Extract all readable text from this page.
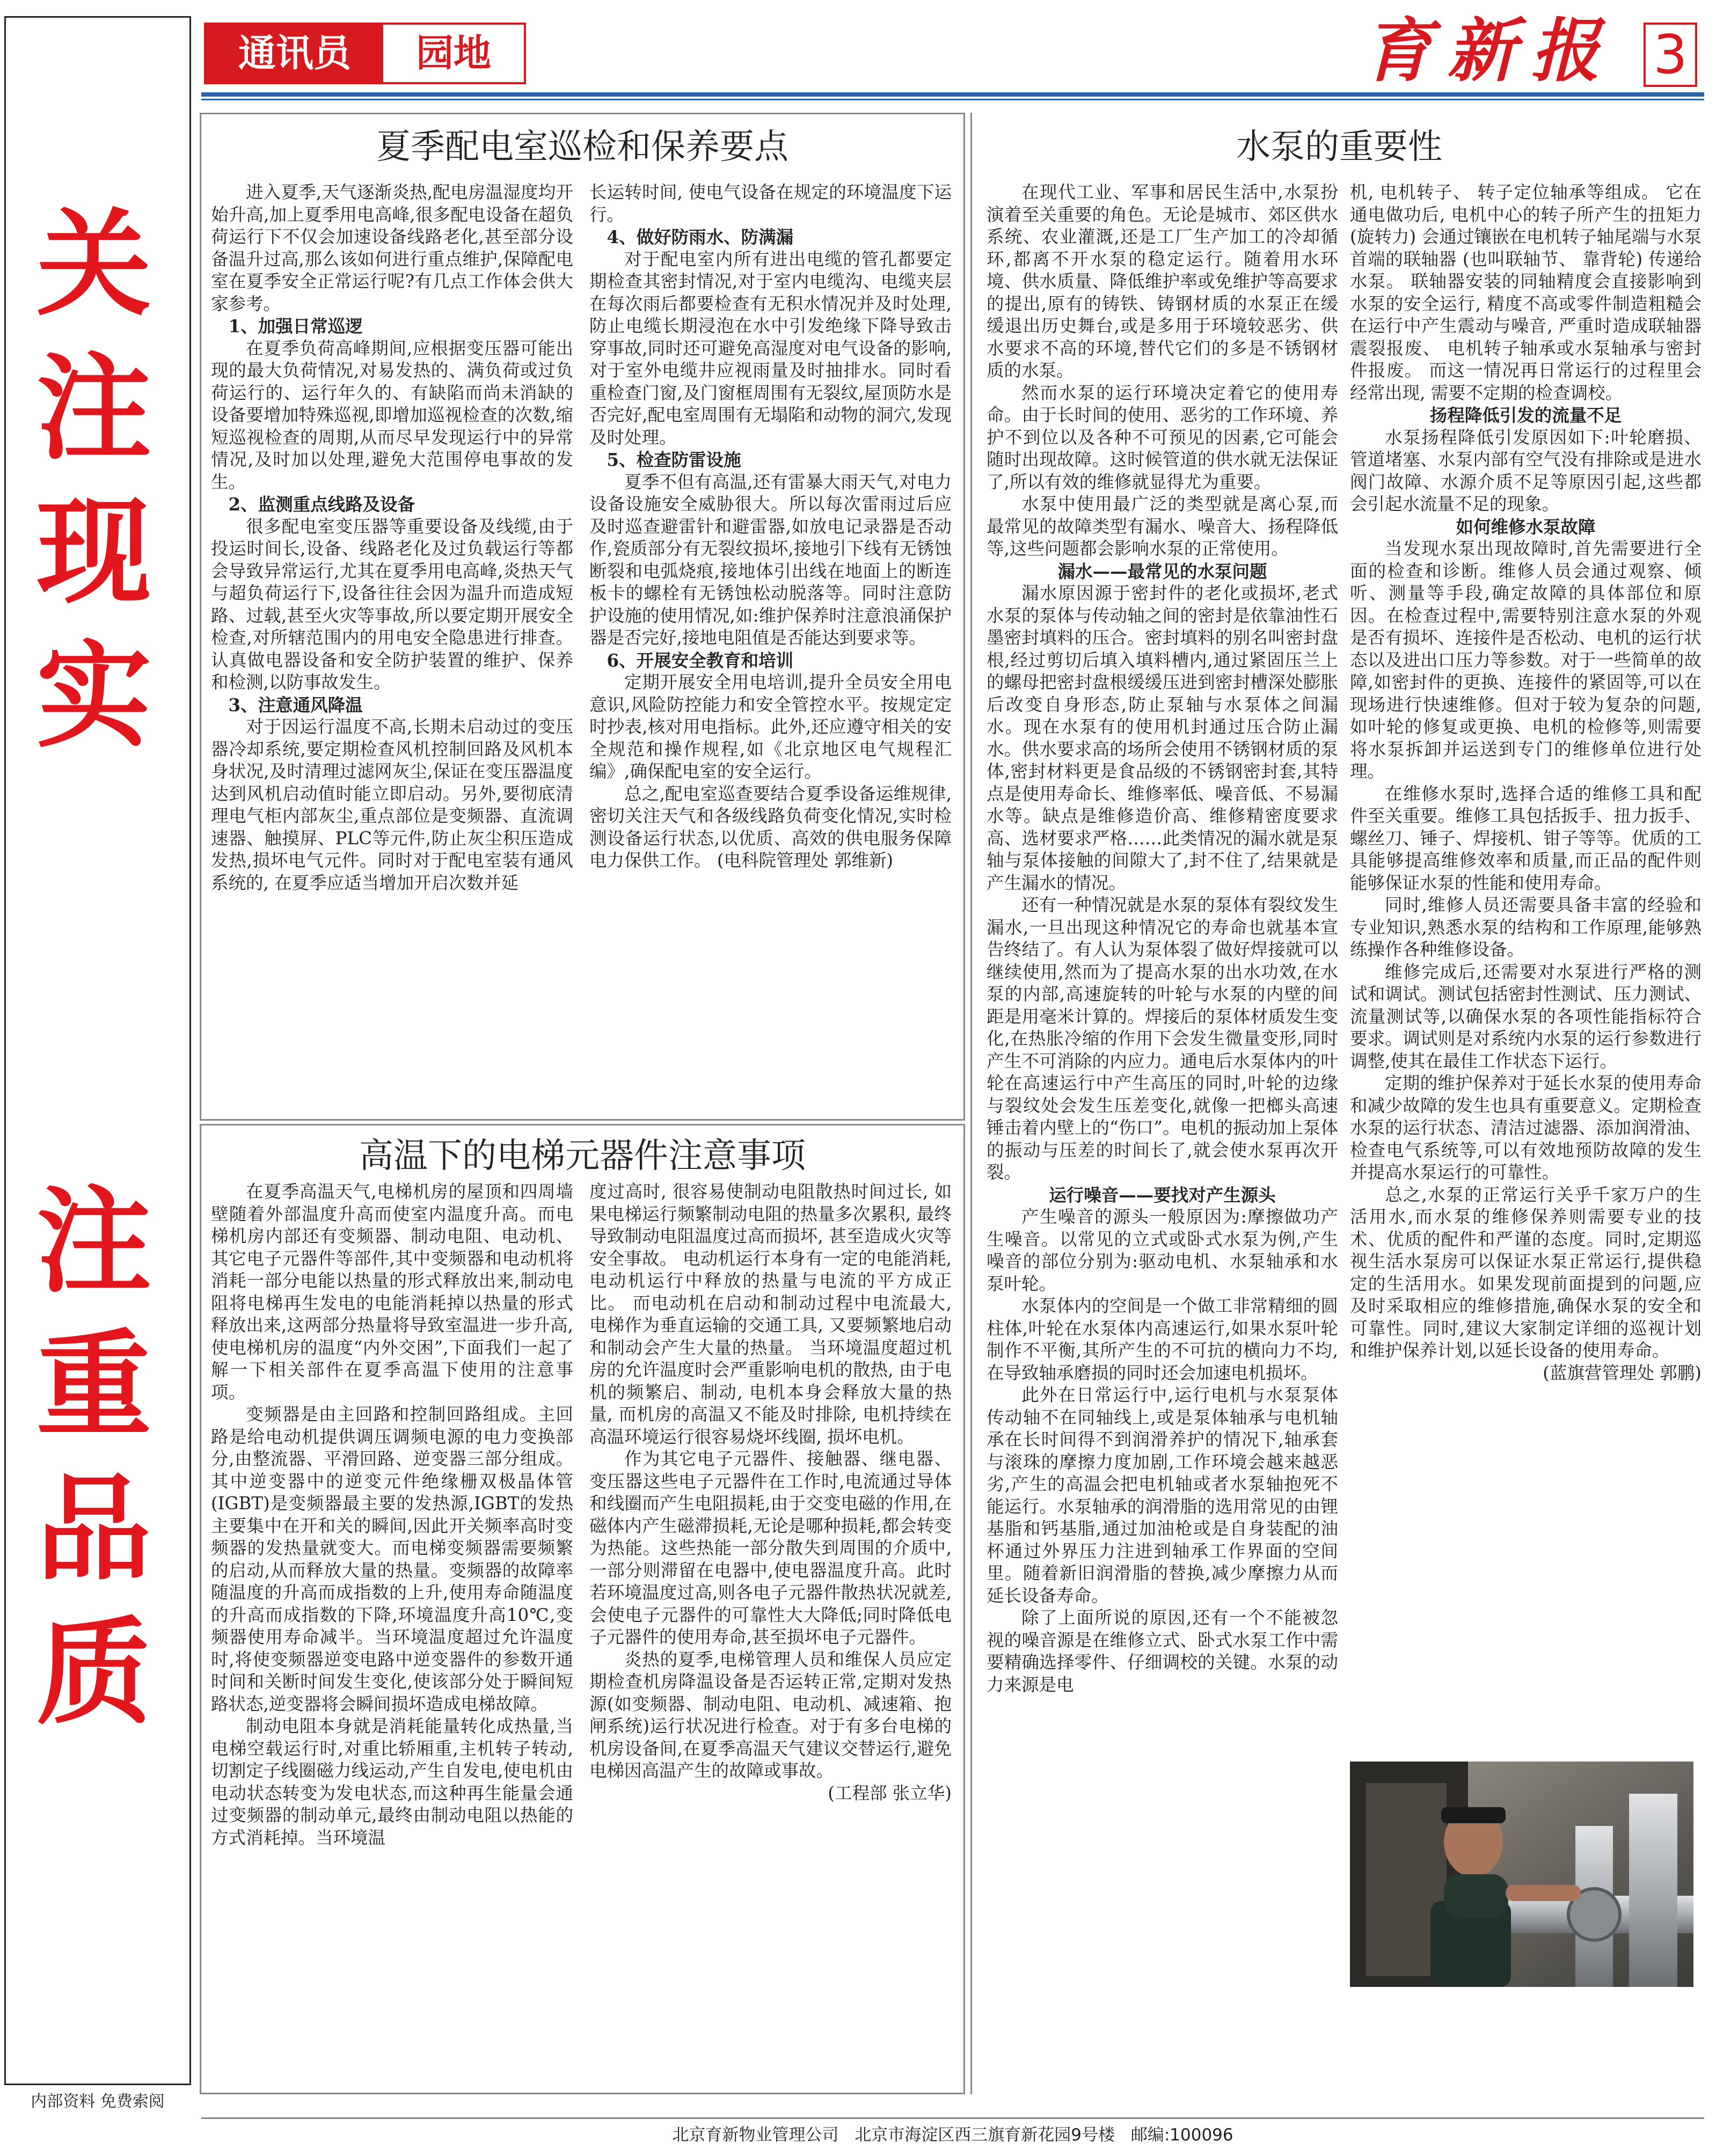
关注现实
注重品质
内部资料 免费索阅
通讯员	园地	育新报 3
夏季配电室巡检和保养要点

进入夏季,天气逐渐炎热,配电房温湿度均开始升高,加上夏季用电高峰,很多配电设备在超负荷运行下不仅会加速设备线路老化,甚至部分设备温升过高,那么该如何进行重点维护,保障配电室在夏季安全正常运行呢?有几点工作体会供大家参考。

1、加强日常巡逻

在夏季负荷高峰期间,应根据变压器可能出现的最大负荷情况,对易发热的、满负荷或过负荷运行的、运行年久的、有缺陷而尚未消缺的设备要增加特殊巡视,即增加巡视检查的次数,缩短巡视检查的周期,从而尽早发现运行中的异常情况,及时加以处理,避免大范围停电事故的发生。

2、监测重点线路及设备

很多配电室变压器等重要设备及线缆,由于投运时间长,设备、线路老化及过负载运行等都会导致异常运行,尤其在夏季用电高峰,炎热天气与超负荷运行下,设备往往会因为温升而造成短路、过载,甚至火灾等事故,所以要定期开展安全检查,对所辖范围内的用电安全隐患进行排查。认真做电器设备和安全防护装置的维护、保养和检测,以防事故发生。

3、注意通风降温

对于因运行温度不高,长期未启动过的变压器冷却系统,要定期检查风机控制回路及风机本身状况,及时清理过滤网灰尘,保证在变压器温度达到风机启动值时能立即启动。另外,要彻底清理电气柜内部灰尘,重点部位是变频器、直流调速器、触摸屏、PLC等元件,防止灰尘积压造成发热,损坏电气元件。同时对于配电室装有通风系统的, 在夏季应适当增加开启次数并延

长运转时间, 使电气设备在规定的环境温度下运行。

4、做好防雨水、防满漏

对于配电室内所有进出电缆的管孔都要定期检查其密封情况,对于室内电缆沟、电缆夹层在每次雨后都要检查有无积水情况并及时处理,防止电缆长期浸泡在水中引发绝缘下降导致击穿事故,同时还可避免高湿度对电气设备的影响,对于室外电缆井应视雨量及时抽排水。同时看重检查门窗,及门窗框周围有无裂纹,屋顶防水是否完好,配电室周围有无塌陷和动物的洞穴,发现及时处理。

5、检查防雷设施

夏季不但有高温,还有雷暴大雨天气,对电力设备设施安全威胁很大。所以每次雷雨过后应及时巡查避雷针和避雷器,如放电记录器是否动作,瓷质部分有无裂纹损坏,接地引下线有无锈蚀断裂和电弧烧痕,接地体引出线在地面上的断连板卡的螺栓有无锈蚀松动脱落等。同时注意防护设施的使用情况,如:维护保养时注意浪涌保护器是否完好,接地电阻值是否能达到要求等。

6、开展安全教育和培训

定期开展安全用电培训,提升全员安全用电意识,风险防控能力和安全管控水平。按规定定时抄表,核对用电指标。此外,还应遵守相关的安全规范和操作规程,如《北京地区电气规程汇编》,确保配电室的安全运行。

总之,配电室巡查要结合夏季设备运维规律,密切关注天气和各级线路负荷变化情况,实时检测设备运行状态,以优质、高效的供电服务保障电力保供工作。 (电科院管理处 郭维新)

高温下的电梯元器件注意事项

在夏季高温天气,电梯机房的屋顶和四周墙壁随着外部温度升高而使室内温度升高。而电梯机房内部还有变频器、制动电阻、电动机、其它电子元器件等部件,其中变频器和电动机将消耗一部分电能以热量的形式释放出来,制动电阻将电梯再生发电的电能消耗掉以热量的形式释放出来,这两部分热量将导致室温进一步升高,使电梯机房的温度“内外交困”,下面我们一起了解一下相关部件在夏季高温下使用的注意事项。

变频器是由主回路和控制回路组成。主回路是给电动机提供调压调频电源的电力变换部分,由整流器、平滑回路、逆变器三部分组成。其中逆变器中的逆变元件绝缘栅双极晶体管(IGBT)是变频器最主要的发热源,IGBT的发热主要集中在开和关的瞬间,因此开关频率高时变频器的发热量就变大。而电梯变频器需要频繁的启动,从而释放大量的热量。变频器的故障率随温度的升高而成指数的上升,使用寿命随温度的升高而成指数的下降,环境温度升高10℃,变频器使用寿命减半。当环境温度超过允许温度时,将使变频器逆变电路中逆变器件的参数开通时间和关断时间发生变化,使该部分处于瞬间短路状态,逆变器将会瞬间损坏造成电梯故障。

制动电阻本身就是消耗能量转化成热量,当电梯空载运行时,对重比轿厢重,主机转子转动,切割定子线圈磁力线运动,产生自发电,使电机由电动状态转变为发电状态,而这种再生能量会通过变频器的制动单元,最终由制动电阻以热能的方式消耗掉。当环境温

度过高时, 很容易使制动电阻散热时间过长, 如果电梯运行频繁制动电阻的热量多次累积, 最终导致制动电阻温度过高而损坏, 甚至造成火灾等安全事故。 电动机运行本身有一定的电能消耗, 电动机运行中释放的热量与电流的平方成正比。 而电动机在启动和制动过程中电流最大, 电梯作为垂直运输的交通工具, 又要频繁地启动和制动会产生大量的热量。 当环境温度超过机房的允许温度时会严重影响电机的散热, 由于电机的频繁启、制动, 电机本身会释放大量的热量, 而机房的高温又不能及时排除, 电机持续在高温环境运行很容易烧坏线圈, 损坏电机。

作为其它电子元器件、接触器、继电器、变压器这些电子元器件在工作时,电流通过导体和线圈而产生电阻损耗,由于交变电磁的作用,在磁体内产生磁滞损耗,无论是哪种损耗,都会转变为热能。这些热能一部分散失到周围的介质中,一部分则滞留在电器中,使电器温度升高。此时若环境温度过高,则各电子元器件散热状况就差,会使电子元器件的可靠性大大降低;同时降低电子元器件的使用寿命,甚至损坏电子元器件。

炎热的夏季,电梯管理人员和维保人员应定期检查机房降温设备是否运转正常,定期对发热源(如变频器、制动电阻、电动机、减速箱、抱闸系统)运行状况进行检查。对于有多台电梯的机房设备间,在夏季高温天气建议交替运行,避免电梯因高温产生的故障或事故。

(工程部 张立华)

水泵的重要性

在现代工业、军事和居民生活中,水泵扮演着至关重要的角色。无论是城市、郊区供水系统、农业灌溉,还是工厂生产加工的冷却循环,都离不开水泵的稳定运行。随着用水环境、供水质量、降低维护率或免维护等高要求的提出,原有的铸铁、铸钢材质的水泵正在缓缓退出历史舞台,或是多用于环境较恶劣、供水要求不高的环境,替代它们的多是不锈钢材质的水泵。

然而水泵的运行环境决定着它的使用寿命。由于长时间的使用、恶劣的工作环境、养护不到位以及各种不可预见的因素,它可能会随时出现故障。这时候管道的供水就无法保证了,所以有效的维修就显得尤为重要。

水泵中使用最广泛的类型就是离心泵,而最常见的故障类型有漏水、噪音大、扬程降低等,这些问题都会影响水泵的正常使用。

漏水——最常见的水泵问题

漏水原因源于密封件的老化或损坏,老式水泵的泵体与传动轴之间的密封是依靠油性石墨密封填料的压合。密封填料的别名叫密封盘根,经过剪切后填入填料槽内,通过紧固压兰上的螺母把密封盘根缓缓压进到密封槽深处膨胀后改变自身形态,防止泵轴与水泵体之间漏水。现在水泵有的使用机封通过压合防止漏水。供水要求高的场所会使用不锈钢材质的泵体,密封材料更是食品级的不锈钢密封套,其特点是使用寿命长、维修率低、噪音低、不易漏水等。缺点是维修造价高、维修精密度要求高、选材要求严格……此类情况的漏水就是泵轴与泵体接触的间隙大了,封不住了,结果就是产生漏水的情况。

还有一种情况就是水泵的泵体有裂纹发生漏水,一旦出现这种情况它的寿命也就基本宣告终结了。有人认为泵体裂了做好焊接就可以继续使用,然而为了提高水泵的出水功效,在水泵的内部,高速旋转的叶轮与水泵的内壁的间距是用毫米计算的。焊接后的泵体材质发生变化,在热胀冷缩的作用下会发生微量变形,同时产生不可消除的内应力。通电后水泵体内的叶轮在高速运行中产生高压的同时,叶轮的边缘与裂纹处会发生压差变化,就像一把榔头高速锤击着内壁上的“伤口”。电机的振动加上泵体的振动与压差的时间长了,就会使水泵再次开裂。

运行噪音——要找对产生源头

产生噪音的源头一般原因为:摩擦做功产生噪音。以常见的立式或卧式水泵为例,产生噪音的部位分别为:驱动电机、水泵轴承和水泵叶轮。

水泵体内的空间是一个做工非常精细的圆柱体,叶轮在水泵体内高速运行,如果水泵叶轮制作不平衡,其所产生的不可抗的横向力不均,在导致轴承磨损的同时还会加速电机损坏。

此外在日常运行中,运行电机与水泵泵体传动轴不在同轴线上,或是泵体轴承与电机轴承在长时间得不到润滑养护的情况下,轴承套与滚珠的摩擦力度加剧,工作环境会越来越恶劣,产生的高温会把电机轴或者水泵轴抱死不能运行。水泵轴承的润滑脂的选用常见的由锂基脂和钙基脂,通过加油枪或是自身装配的油杯通过外界压力注进到轴承工作界面的空间里。随着新旧润滑脂的替换,减少摩擦力从而延长设备寿命。

除了上面所说的原因,还有一个不能被忽视的噪音源是在维修立式、卧式水泵工作中需要精确选择零件、仔细调校的关键。水泵的动力来源是电

机, 电机转子、 转子定位轴承等组成。 它在通电做功后, 电机中心的转子所产生的扭矩力 (旋转力) 会通过镶嵌在电机转子轴尾端与水泵首端的联轴器 (也叫联轴节、 靠背轮) 传递给水泵。 联轴器安装的同轴精度会直接影响到水泵的安全运行, 精度不高或零件制造粗糙会在运行中产生震动与噪音, 严重时造成联轴器震裂报废、 电机转子轴承或水泵轴承与密封件报废。 而这一情况再日常运行的过程里会经常出现, 需要不定期的检查调校。

扬程降低引发的流量不足

水泵扬程降低引发原因如下:叶轮磨损、管道堵塞、水泵内部有空气没有排除或是进水阀门故障、水源介质不足等原因引起,这些都会引起水流量不足的现象。

如何维修水泵故障

当发现水泵出现故障时,首先需要进行全面的检查和诊断。维修人员会通过观察、倾听、测量等手段,确定故障的具体部位和原因。在检查过程中,需要特别注意水泵的外观是否有损坏、连接件是否松动、电机的运行状态以及进出口压力等参数。对于一些简单的故障,如密封件的更换、连接件的紧固等,可以在现场进行快速维修。但对于较为复杂的问题,如叶轮的修复或更换、电机的检修等,则需要将水泵拆卸并运送到专门的维修单位进行处理。

在维修水泵时,选择合适的维修工具和配件至关重要。维修工具包括扳手、扭力扳手、螺丝刀、锤子、焊接机、钳子等等。优质的工具能够提高维修效率和质量,而正品的配件则能够保证水泵的性能和使用寿命。

同时,维修人员还需要具备丰富的经验和专业知识,熟悉水泵的结构和工作原理,能够熟练操作各种维修设备。

维修完成后,还需要对水泵进行严格的测试和调试。测试包括密封性测试、压力测试、流量测试等,以确保水泵的各项性能指标符合要求。调试则是对系统内水泵的运行参数进行调整,使其在最佳工作状态下运行。

定期的维护保养对于延长水泵的使用寿命和减少故障的发生也具有重要意义。定期检查水泵的运行状态、清洁过滤器、添加润滑油、检查电气系统等,可以有效地预防故障的发生并提高水泵运行的可靠性。

总之,水泵的正常运行关乎千家万户的生活用水,而水泵的维修保养则需要专业的技术、优质的配件和严谨的态度。同时,定期巡视生活水泵房可以保证水泵正常运行,提供稳定的生活用水。如果发现前面提到的问题,应及时采取相应的维修措施,确保水泵的安全和可靠性。同时,建议大家制定详细的巡视计划和维护保养计划,以延长设备的使用寿命。

(蓝旗营管理处 郭鹏)

北京育新物业管理公司 北京市海淀区西三旗育新花园9号楼 邮编:100096
